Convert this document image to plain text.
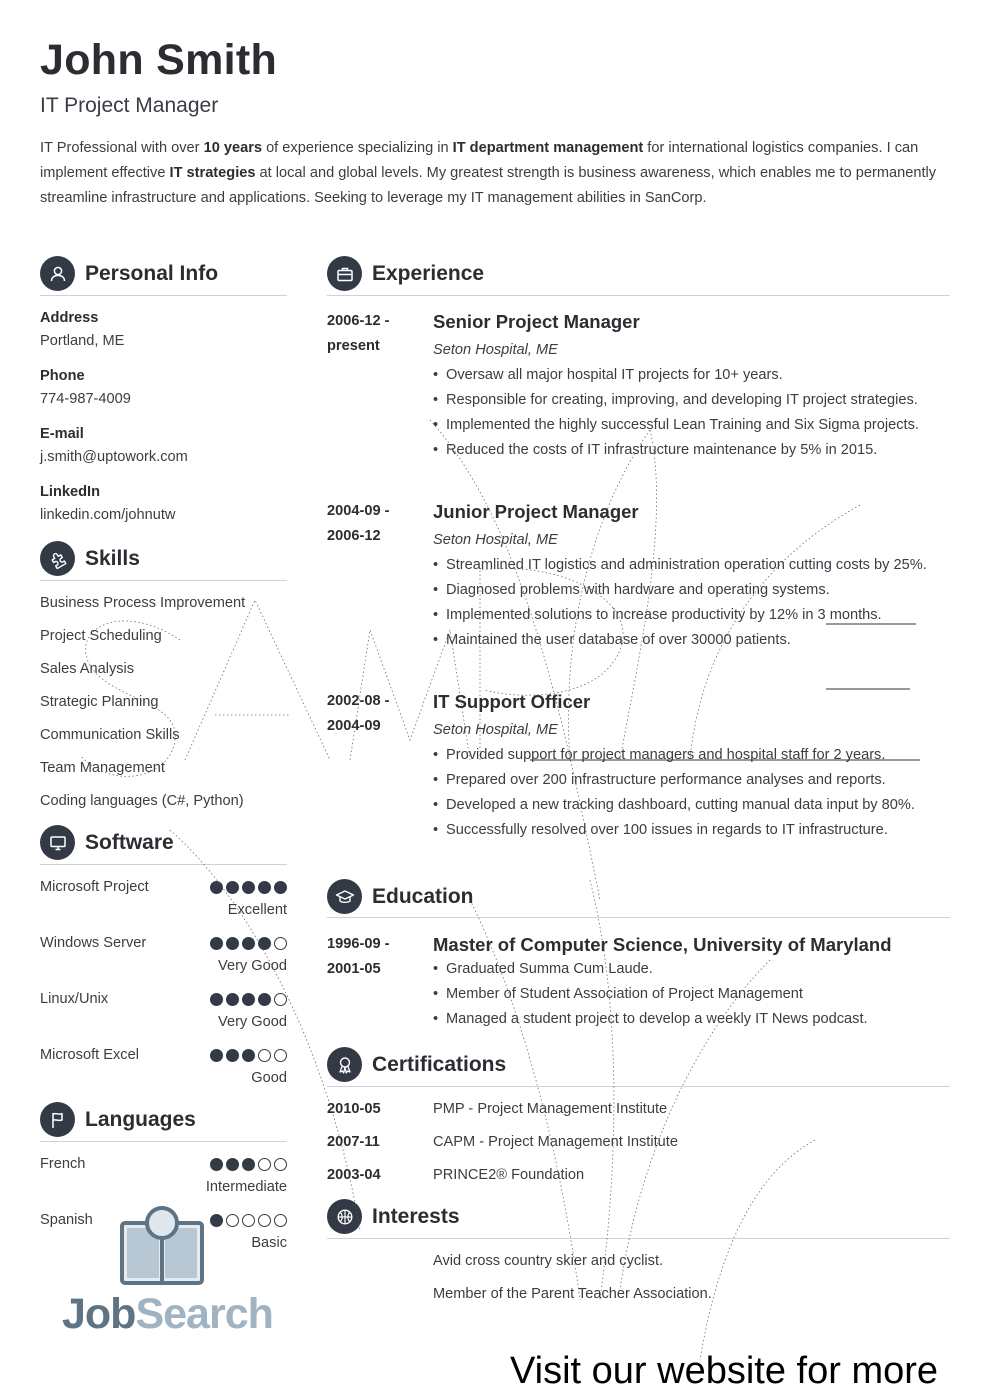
John Smith
IT Project Manager
IT Professional with over 10 years of experience specializing in IT department management for international logistics companies. I can implement effective IT strategies at local and global levels. My greatest strength is business awareness, which enables me to permanently streamline infrastructure and applications. Seeking to leverage my IT management abilities in SanCorp.
Personal Info
Address
Portland, ME
Phone
774-987-4009
E-mail
j.smith@uptowork.com
LinkedIn
linkedin.com/johnutw
Skills
Business Process Improvement
Project Scheduling
Sales Analysis
Strategic Planning
Communication Skills
Team Management
Coding languages (C#, Python)
Software
Microsoft Project
Excellent
Windows Server
Very Good
Linux/Unix
Very Good
Microsoft Excel
Good
Languages
French
Intermediate
Spanish
Basic
Experience
2006-12 -
present
Senior Project Manager
Seton Hospital, ME
• Oversaw all major hospital IT projects for 10+ years.
• Responsible for creating, improving, and developing IT project strategies.
• Implemented the highly successful Lean Training and Six Sigma projects.
• Reduced the costs of IT infrastructure maintenance by 5% in 2015.
2004-09 -
2006-12
Junior Project Manager
Seton Hospital, ME
• Streamlined IT logistics and administration operation cutting costs by 25%.
• Diagnosed problems with hardware and operating systems.
• Implemented solutions to increase productivity by 12% in 3 months.
• Maintained the user database of over 30000 patients.
2002-08 -
2004-09
IT Support Officer
Seton Hospital, ME
• Provided support for project managers and hospital staff for 2 years.
• Prepared over 200 infrastructure performance analyses and reports.
• Developed a new tracking dashboard, cutting manual data input by 80%.
• Successfully resolved over 100 issues in regards to IT infrastructure.
Education
1996-09 -
2001-05
Master of Computer Science, University of Maryland
• Graduated Summa Cum Laude.
• Member of Student Association of Project Management
• Managed a student project to develop a weekly IT News podcast.
Certifications
2010-05	PMP - Project Management Institute
2007-11	CAPM - Project Management Institute
2003-04	PRINCE2® Foundation
Interests
Avid cross country skier and cyclist.
Member of the Parent Teacher Association.
JobSearch
Visit our website for more
